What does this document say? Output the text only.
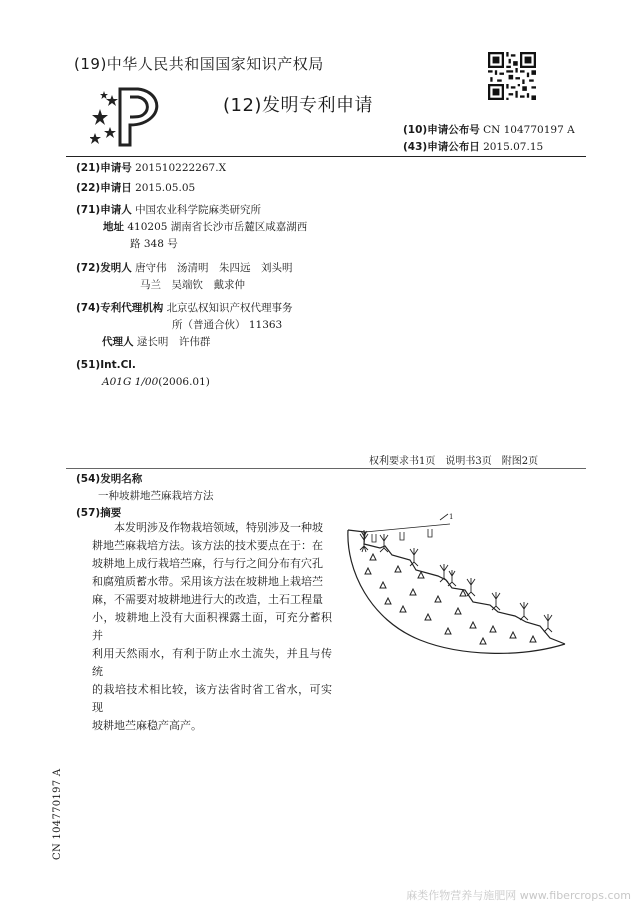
(19)中华人民共和国国家知识产权局
(12)发明专利申请
(10)申请公布号 CN 104770197 A
(43)申请公布日 2015.07.15
(21)申请号 201510222267.X
(22)申请日 2015.05.05
(71)申请人 中国农业科学院麻类研究所
地址 410205 湖南省长沙市岳麓区咸嘉湖西
路 348 号
(72)发明人 唐守伟　汤清明　朱四远　刘头明
马兰　吴端钦　戴求仲
(74)专利代理机构 北京弘权知识产权代理事务
所（普通合伙） 11363
代理人 逯长明　许伟群
(51)Int.Cl.
A01G 1/00(2006.01)
权利要求书1页　说明书3页　附图2页
(54)发明名称
一种坡耕地苎麻栽培方法
(57)摘要
本发明涉及作物栽培领域，特别涉及一种坡
耕地苎麻栽培方法。该方法的技术要点在于：在
坡耕地上成行栽培苎麻，行与行之间分布有穴孔
和腐殖质蓄水带。采用该方法在坡耕地上栽培苎
麻，不需要对坡耕地进行大的改造，土石工程量
小，坡耕地上没有大面积裸露土面，可充分蓄积并
利用天然雨水，有利于防止水土流失，并且与传统
的栽培技术相比较，该方法省时省工省水，可实现
坡耕地苎麻稳产高产。
1
CN 104770197 A
麻类作物营养与施肥网 www.fibercrops.com
